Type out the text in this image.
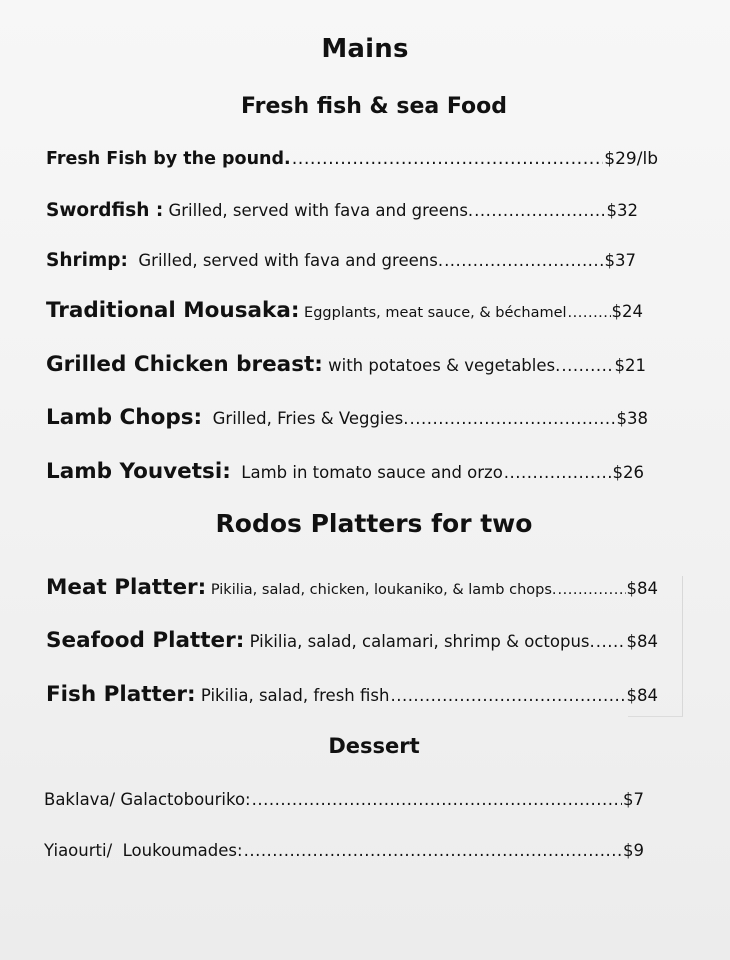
Mains
Fresh fish & sea Food
Fresh Fish by the pound. .....	$29/lb
Swordfish : Grilled, served with fava and greens. .....	$32
Shrimp: Grilled, served with fava and greens. .....	$37
Traditional Mousaka: Eggplants, meat sauce, & béchamel .....	$24
Grilled Chicken breast: with potatoes & vegetables. .....	$21
Lamb Chops: Grilled, Fries & Veggies. .....	$38
Lamb Youvetsi: Lamb in tomato sauce and orzo .....	$26
Rodos Platters for two
Meat Platter: Pikilia, salad, chicken, loukaniko, & lamb chops. .....	$84
Seafood Platter: Pikilia, salad, calamari, shrimp & octopus. ..... $84
Fish Platter: Pikilia, salad, fresh fish .....	$84
Dessert
Baklava/ Galactobouriko: .....	$7
Yiaourti/  Loukoumades: .....	$9
